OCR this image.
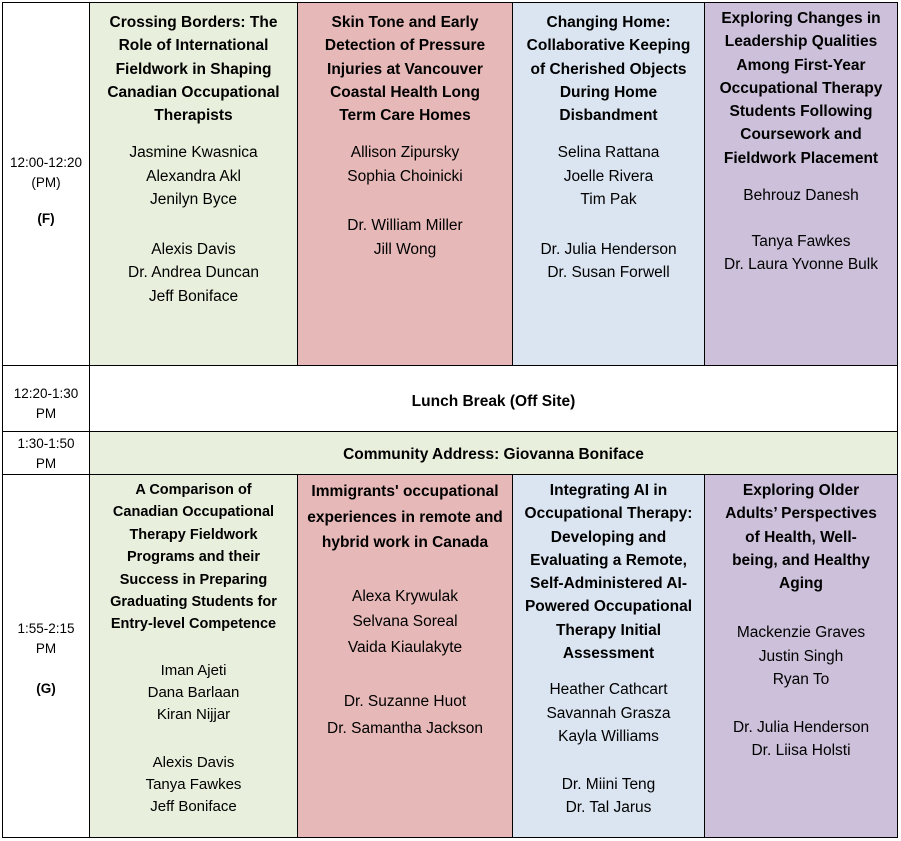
12:00-12:20
(PM)

(F)

Crossing Borders: The
Role of International
Fieldwork in Shaping
Canadian Occupational
Therapists

Jasmine Kwasnica
Alexandra Akl
Jenilyn Byce

Alexis Davis
Dr. Andrea Duncan
Jeff Boniface

Skin Tone and Early
Detection of Pressure
Injuries at Vancouver
Coastal Health Long
Term Care Homes

Allison Zipursky
Sophia Choinicki

Dr. William Miller
Jill Wong

Changing Home:
Collaborative Keeping
of Cherished Objects
During Home
Disbandment

Selina Rattana
Joelle Rivera
Tim Pak

Dr. Julia Henderson
Dr. Susan Forwell

Exploring Changes in
Leadership Qualities
Among First-Year
Occupational Therapy
Students Following
Coursework and
Fieldwork Placement

Behrouz Danesh

Tanya Fawkes
Dr. Laura Yvonne Bulk

12:20-1:30
PM

Lunch Break (Off Site)

1:30-1:50
PM

Community Address: Giovanna Boniface

1:55-2:15
PM

(G)

A Comparison of
Canadian Occupational
Therapy Fieldwork
Programs and their
Success in Preparing
Graduating Students for
Entry-level Competence

Iman Ajeti
Dana Barlaan
Kiran Nijjar

Alexis Davis
Tanya Fawkes
Jeff Boniface

Immigrants' occupational
experiences in remote and
hybrid work in Canada

Alexa Krywulak
Selvana Soreal
Vaida Kiaulakyte

Dr. Suzanne Huot
Dr. Samantha Jackson

Integrating AI in
Occupational Therapy:
Developing and
Evaluating a Remote,
Self-Administered AI-
Powered Occupational
Therapy Initial
Assessment

Heather Cathcart
Savannah Grasza
Kayla Williams

Dr. Miini Teng
Dr. Tal Jarus

Exploring Older
Adults’ Perspectives
of Health, Well-
being, and Healthy
Aging

Mackenzie Graves
Justin Singh
Ryan To

Dr. Julia Henderson
Dr. Liisa Holsti
